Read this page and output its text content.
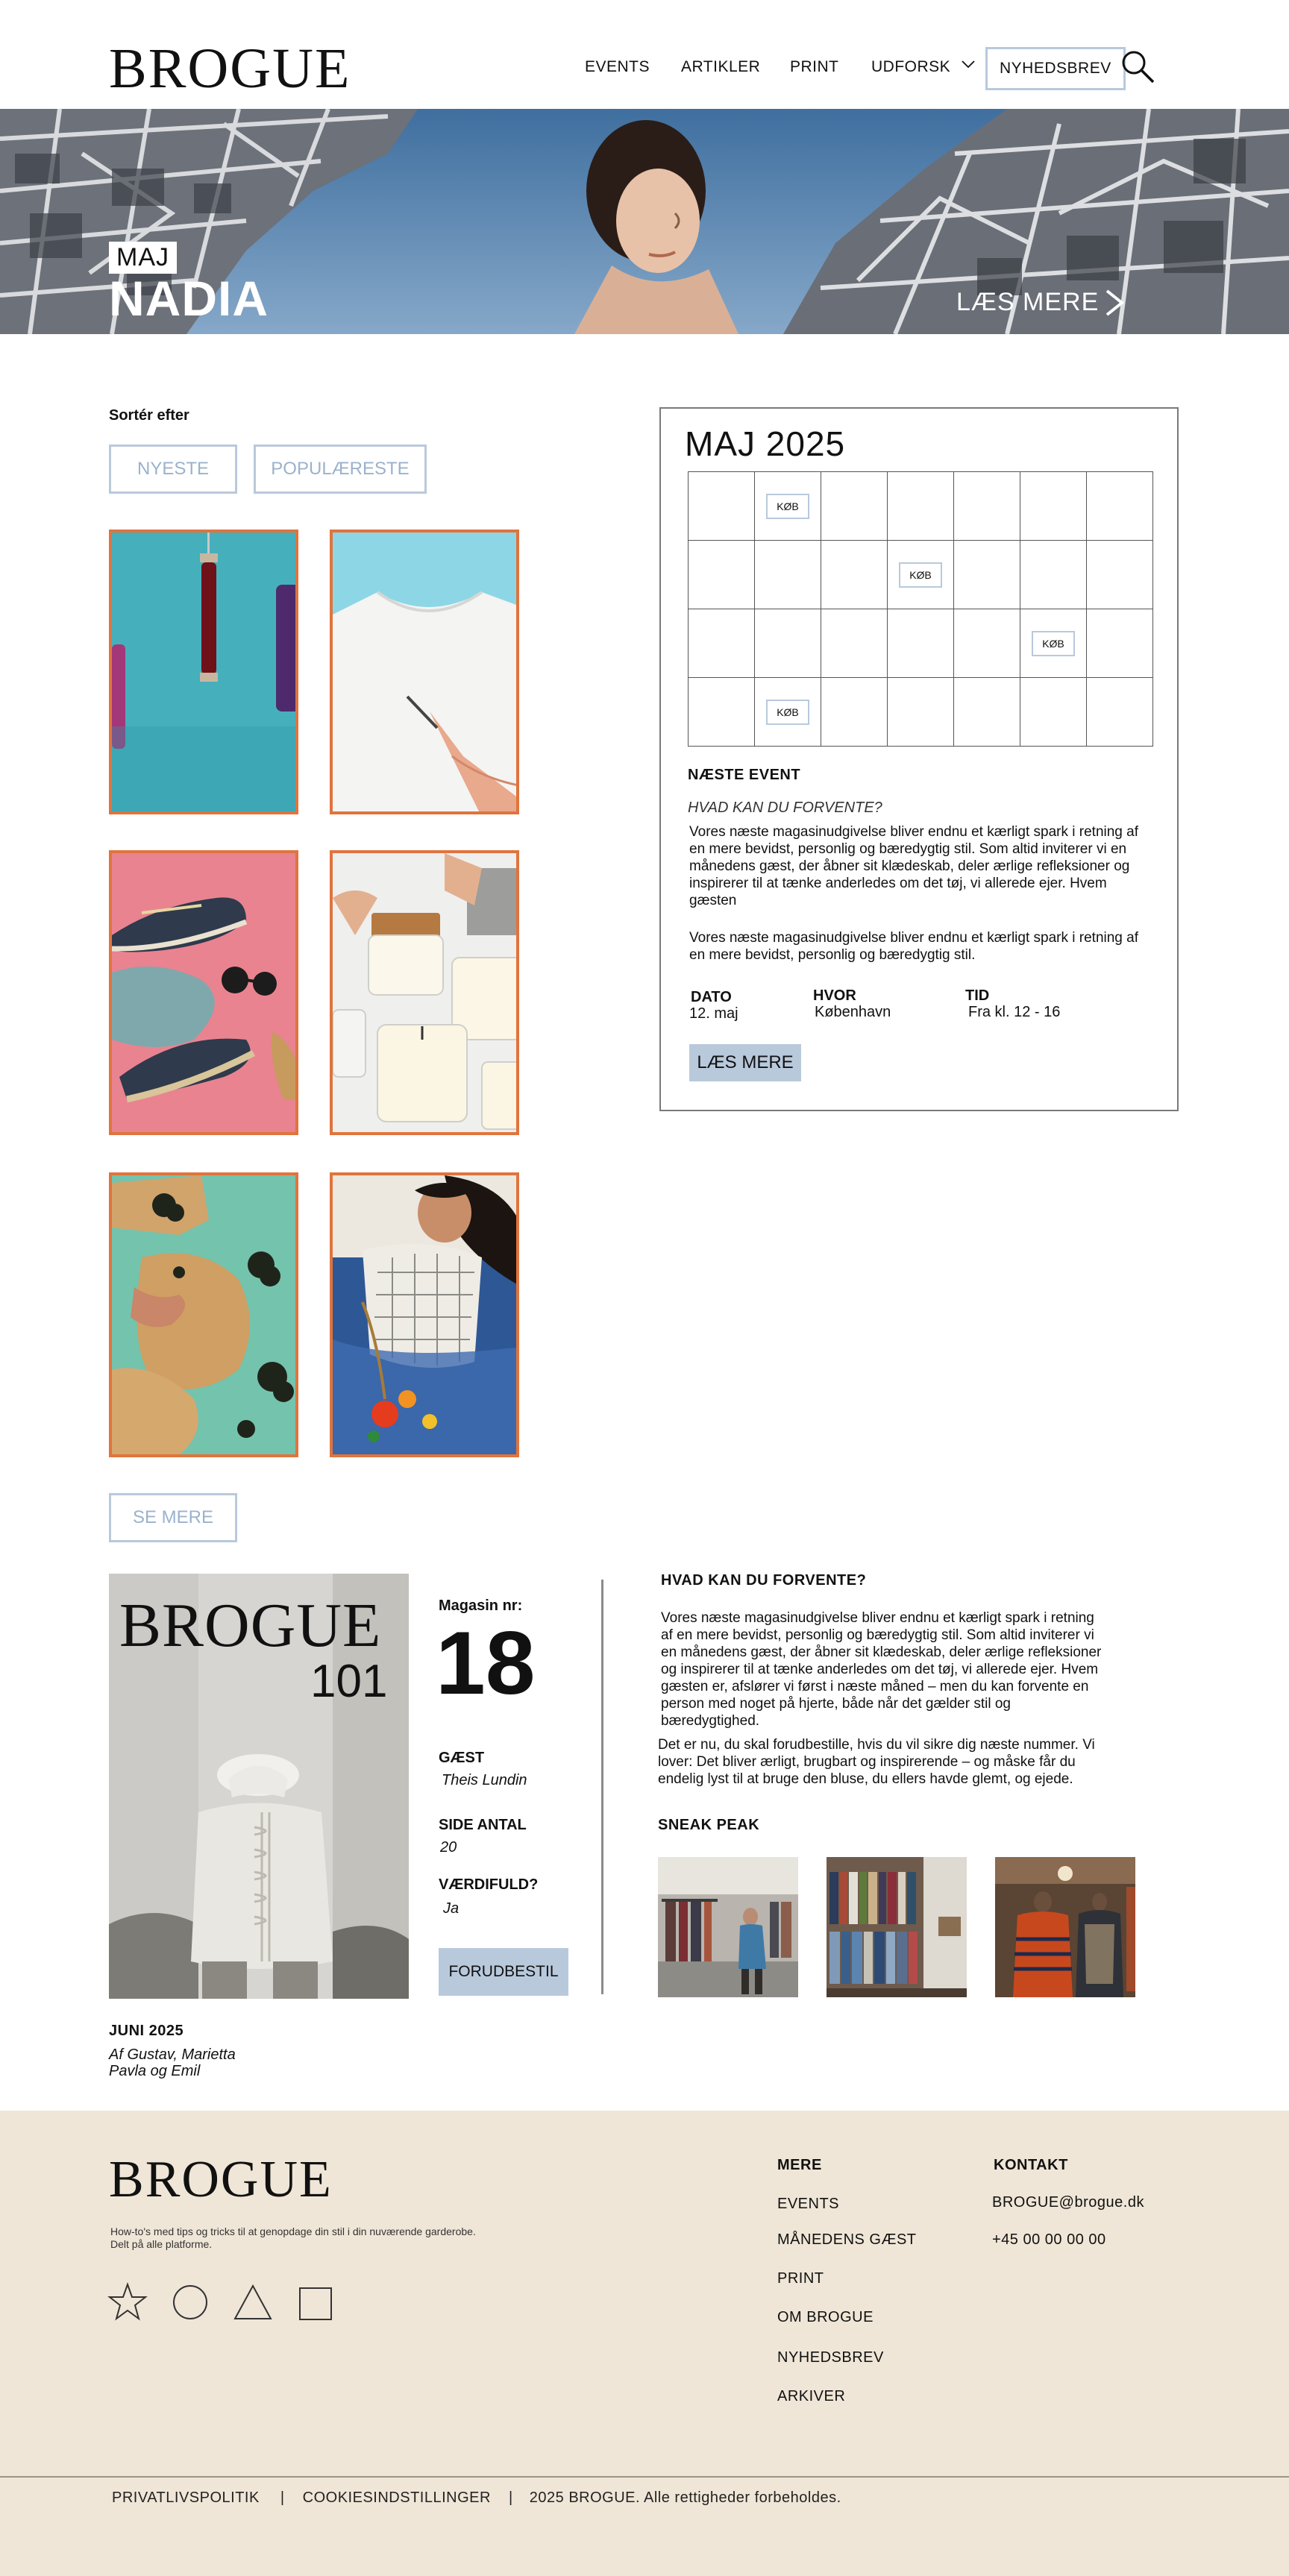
BROGUE	EVENTS ARTIKLER PRINT UDFORSK	NYHEDSBREV
MAJ
NADIA	LÆS MERE
Sortér efter
NYESTE	POPULÆRESTE
SE MERE
MAJ 2025
	KØB					
			KØB			
					KØB	
	KØB					
NÆSTE EVENT
HVAD KAN DU FORVENTE?
Vores næste magasinudgivelse bliver endnu et kærligt spark i retning af en mere bevidst, personlig og bæredygtig stil. Som altid inviterer vi en månedens gæst, der åbner sit klædeskab, deler ærlige refleksioner og inspirerer til at tænke anderledes om det tøj, vi allerede ejer. Hvem gæsten
Vores næste magasinudgivelse bliver endnu et kærligt spark i retning af en mere bevidst, personlig og bæredygtig stil.
DATO
12. maj
HVOR
København
TID
Fra kl. 12 - 16
LÆS MERE
BROGUE
101
Magasin nr:
18
GÆST
Theis Lundin
SIDE ANTAL
20
VÆRDIFULD?
Ja
FORUDBESTIL
JUNI 2025
Af Gustav, Marietta
Pavla og Emil
HVAD KAN DU FORVENTE?
Vores næste magasinudgivelse bliver endnu et kærligt spark i retning af en mere bevidst, personlig og bæredygtig stil. Som altid inviterer vi en månedens gæst, der åbner sit klædeskab, deler ærlige refleksioner og inspirerer til at tænke anderledes om det tøj, vi allerede ejer. Hvem gæsten er, afslører vi først i næste måned – men du kan forvente en person med noget på hjerte, både når det gælder stil og bæredygtighed.
Det er nu, du skal forudbestille, hvis du vil sikre dig næste nummer. Vi lover: Det bliver ærligt, brugbart og inspirerende – og måske får du endelig lyst til at bruge den bluse, du ellers havde glemt, og ejede.
SNEAK PEAK
BROGUE
How-to's med tips og tricks til at genopdage din stil i din nuværende garderobe.
Delt på alle platforme.
MERE
EVENTS
MÅNEDENS GÆST
PRINT
OM BROGUE
NYHEDSBREV
ARKIVER
KONTAKT
BROGUE@brogue.dk
+45 00 00 00 00
PRIVATLIVSPOLITIK | COOKIESINDSTILLINGER | 2025 BROGUE. Alle rettigheder forbeholdes.
